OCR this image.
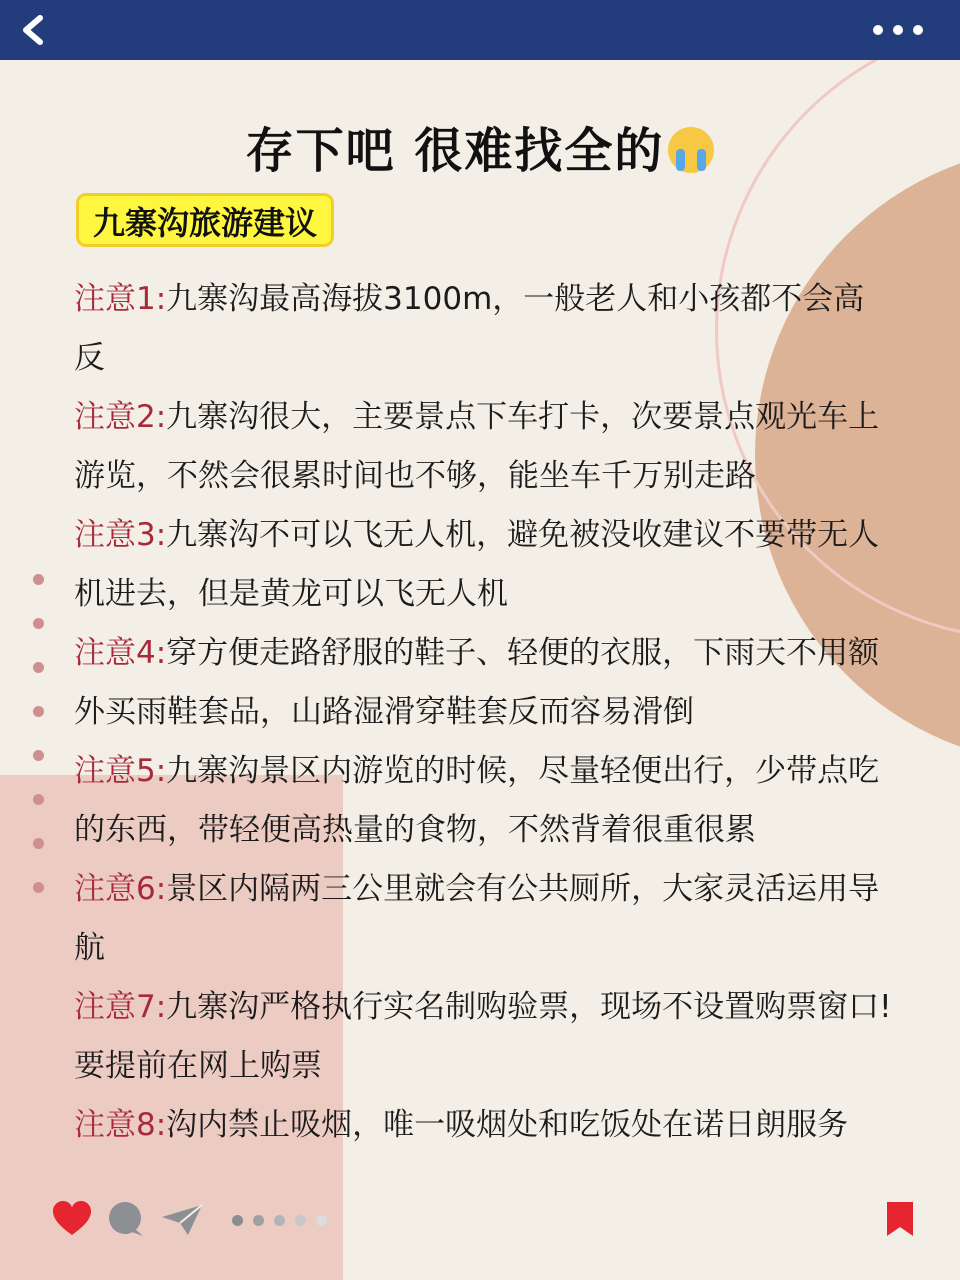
存下吧 很难找全的
九寨沟旅游建议

注意1:九寨沟最高海拔3100m，一般老人和小孩都不会高反

注意2:九寨沟很大，主要景点下车打卡，次要景点观光车上游览，不然会很累时间也不够，能坐车千万别走路

注意3:九寨沟不可以飞无人机，避免被没收建议不要带无人机进去，但是黄龙可以飞无人机

注意4:穿方便走路舒服的鞋子、轻便的衣服，下雨天不用额外买雨鞋套品，山路湿滑穿鞋套反而容易滑倒

注意5:九寨沟景区内游览的时候，尽量轻便出行，少带点吃的东西，带轻便高热量的食物，不然背着很重很累

注意6:景区内隔两三公里就会有公共厕所，大家灵活运用导航

注意7:九寨沟严格执行实名制购验票，现场不设置购票窗口!要提前在网上购票

注意8:沟内禁止吸烟，唯一吸烟处和吃饭处在诺日朗服务
